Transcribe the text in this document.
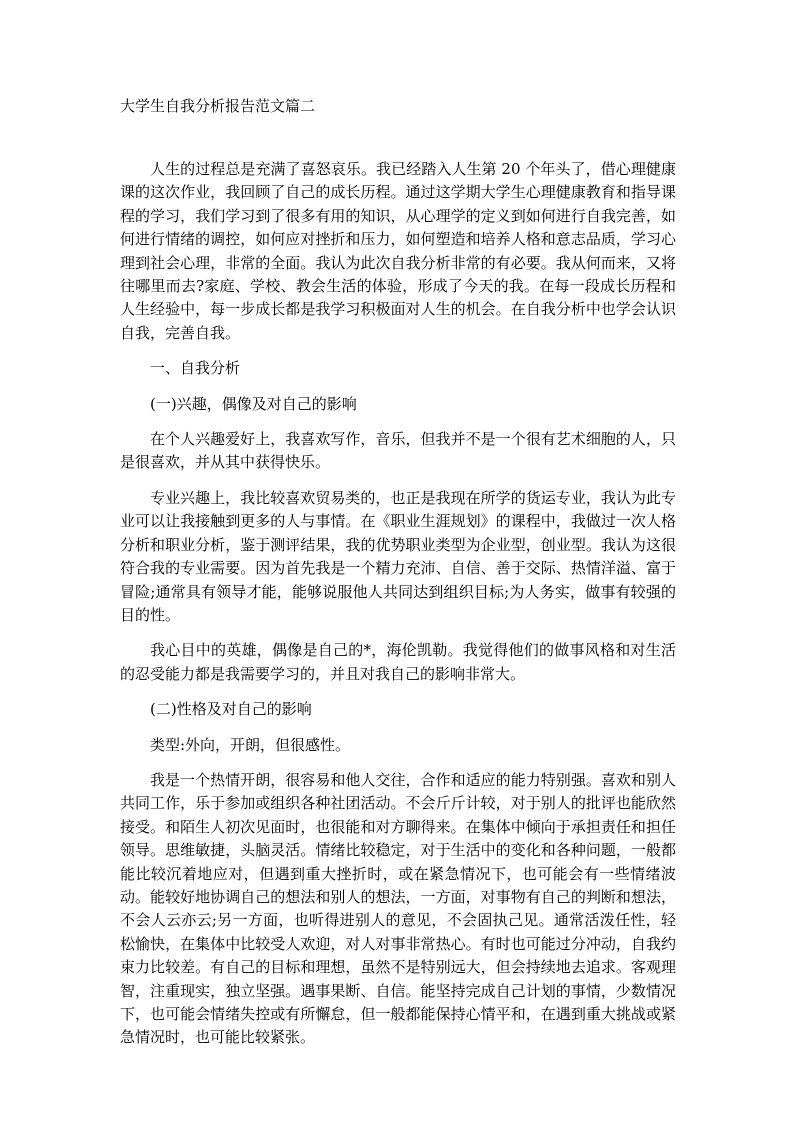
大学生自我分析报告范文篇二

人生的过程总是充满了喜怒哀乐。我已经踏入人生第 20 个年头了，借心理健康课的这次作业，我回顾了自己的成长历程。通过这学期大学生心理健康教育和指导课程的学习，我们学习到了很多有用的知识，从心理学的定义到如何进行自我完善，如何进行情绪的调控，如何应对挫折和压力，如何塑造和培养人格和意志品质，学习心理到社会心理，非常的全面。我认为此次自我分析非常的有必要。我从何而来，又将往哪里而去?家庭、学校、教会生活的体验，形成了今天的我。在每一段成长历程和人生经验中，每一步成长都是我学习积极面对人生的机会。在自我分析中也学会认识自我，完善自我。

一、自我分析

(一)兴趣，偶像及对自己的影响

在个人兴趣爱好上，我喜欢写作，音乐，但我并不是一个很有艺术细胞的人，只是很喜欢，并从其中获得快乐。

专业兴趣上，我比较喜欢贸易类的，也正是我现在所学的货运专业，我认为此专业可以让我接触到更多的人与事情。在《职业生涯规划》的课程中，我做过一次人格分析和职业分析，鉴于测评结果，我的优势职业类型为企业型，创业型。我认为这很符合我的专业需要。因为首先我是一个精力充沛、自信、善于交际、热情洋溢、富于冒险;通常具有领导才能，能够说服他人共同达到组织目标;为人务实，做事有较强的目的性。

我心目中的英雄，偶像是自己的*，海伦凯勒。我觉得他们的做事风格和对生活的忍受能力都是我需要学习的，并且对我自己的影响非常大。

(二)性格及对自己的影响

类型:外向，开朗，但很感性。

我是一个热情开朗，很容易和他人交往，合作和适应的能力特别强。喜欢和别人共同工作，乐于参加或组织各种社团活动。不会斤斤计较，对于别人的批评也能欣然接受。和陌生人初次见面时，也很能和对方聊得来。在集体中倾向于承担责任和担任领导。思维敏捷，头脑灵活。情绪比较稳定，对于生活中的变化和各种问题，一般都能比较沉着地应对，但遇到重大挫折时，或在紧急情况下，也可能会有一些情绪波动。能较好地协调自己的想法和别人的想法，一方面，对事物有自己的判断和想法，不会人云亦云;另一方面，也听得进别人的意见，不会固执己见。通常活泼任性，轻松愉快，在集体中比较受人欢迎，对人对事非常热心。有时也可能过分冲动，自我约束力比较差。有自己的目标和理想，虽然不是特别远大，但会持续地去追求。客观理智，注重现实，独立坚强。遇事果断、自信。能坚持完成自己计划的事情，少数情况下，也可能会情绪失控或有所懈怠，但一般都能保持心情平和，在遇到重大挑战或紧急情况时，也可能比较紧张。
